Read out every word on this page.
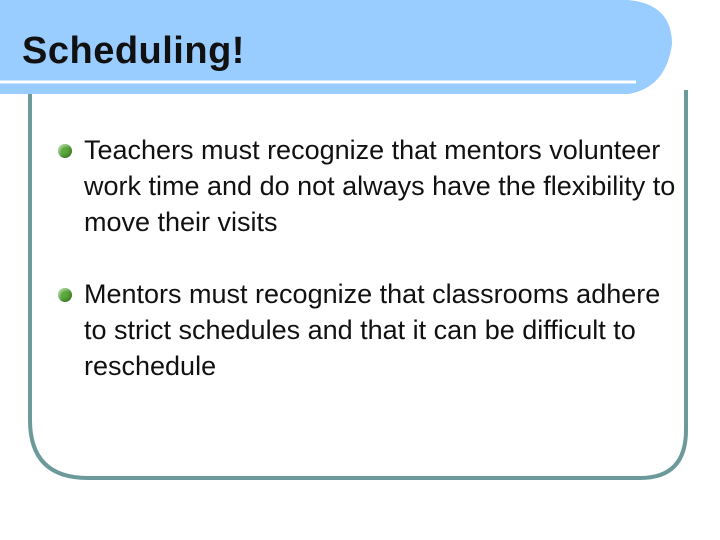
Scheduling!
Teachers must recognize that mentors volunteer work time and do not always have the flexibility to move their visits
Mentors must recognize that classrooms adhere to strict schedules and that it can be difficult to reschedule
